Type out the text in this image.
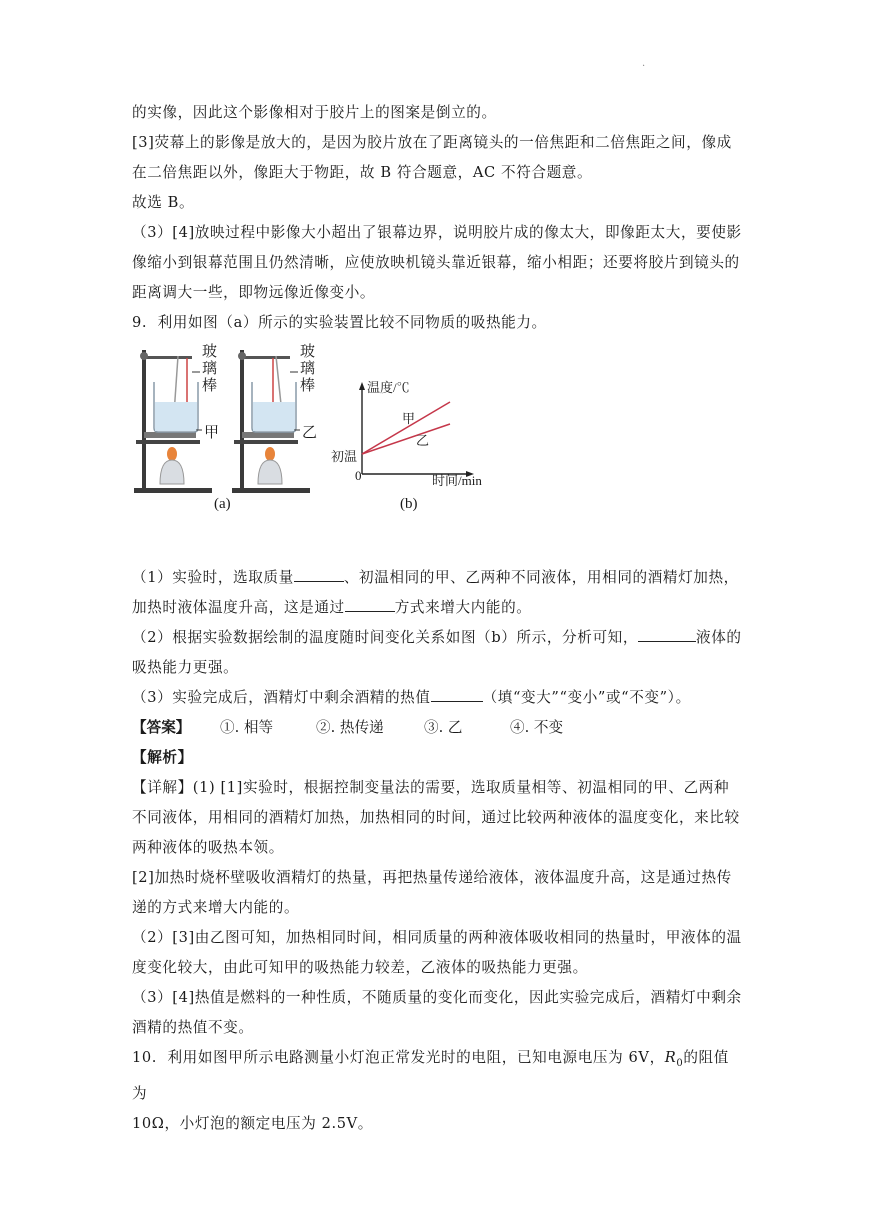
.

的实像，因此这个影像相对于胶片上的图案是倒立的。

[3]荧幕上的影像是放大的，是因为胶片放在了距离镜头的一倍焦距和二倍焦距之间，像成

在二倍焦距以外，像距大于物距，故 B 符合题意，AC 不符合题意。

故选 B。

（3）[4]放映过程中影像大小超出了银幕边界，说明胶片成的像太大，即像距太大，要使影

像缩小到银幕范围且仍然清晰，应使放映机镜头靠近银幕，缩小相距；还要将胶片到镜头的

距离调大一些，即物远像近像变小。

9.  利用如图（a）所示的实验装置比较不同物质的吸热能力。

玻璃棒
甲
玻璃棒
乙
(a)	(b)
温度/℃
时间/min
0
初温
甲
乙

（1）实验时，选取质量	、初温相同的甲、乙两种不同液体，用相同的酒精灯加热，

加热时液体温度升高，这是通过	方式来增大内能的。

（2）根据实验数据绘制的温度随时间变化关系如图（b）所示，分析可知，	液体的

吸热能力更强。

（3）实验完成后，酒精灯中剩余酒精的热值	（填“变大”“变小”或“不变”）。

【答案】	①. 相等	②. 热传递	③. 乙	④. 不变

【解析】

【详解】(1) [1]实验时，根据控制变量法的需要，选取质量相等、初温相同的甲、乙两种

不同液体，用相同的酒精灯加热，加热相同的时间，通过比较两种液体的温度变化，来比较

两种液体的吸热本领。

[2]加热时烧杯壁吸收酒精灯的热量，再把热量传递给液体，液体温度升高，这是通过热传

递的方式来增大内能的。

（2）[3]由乙图可知，加热相同时间，相同质量的两种液体吸收相同的热量时，甲液体的温

度变化较大，由此可知甲的吸热能力较差，乙液体的吸热能力更强。

（3）[4]热值是燃料的一种性质，不随质量的变化而变化，因此实验完成后，酒精灯中剩余

酒精的热值不变。

10.  利用如图甲所示电路测量小灯泡正常发光时的电阻，已知电源电压为 6V，$R_0$的阻值为

10Ω，小灯泡的额定电压为 2.5V。
